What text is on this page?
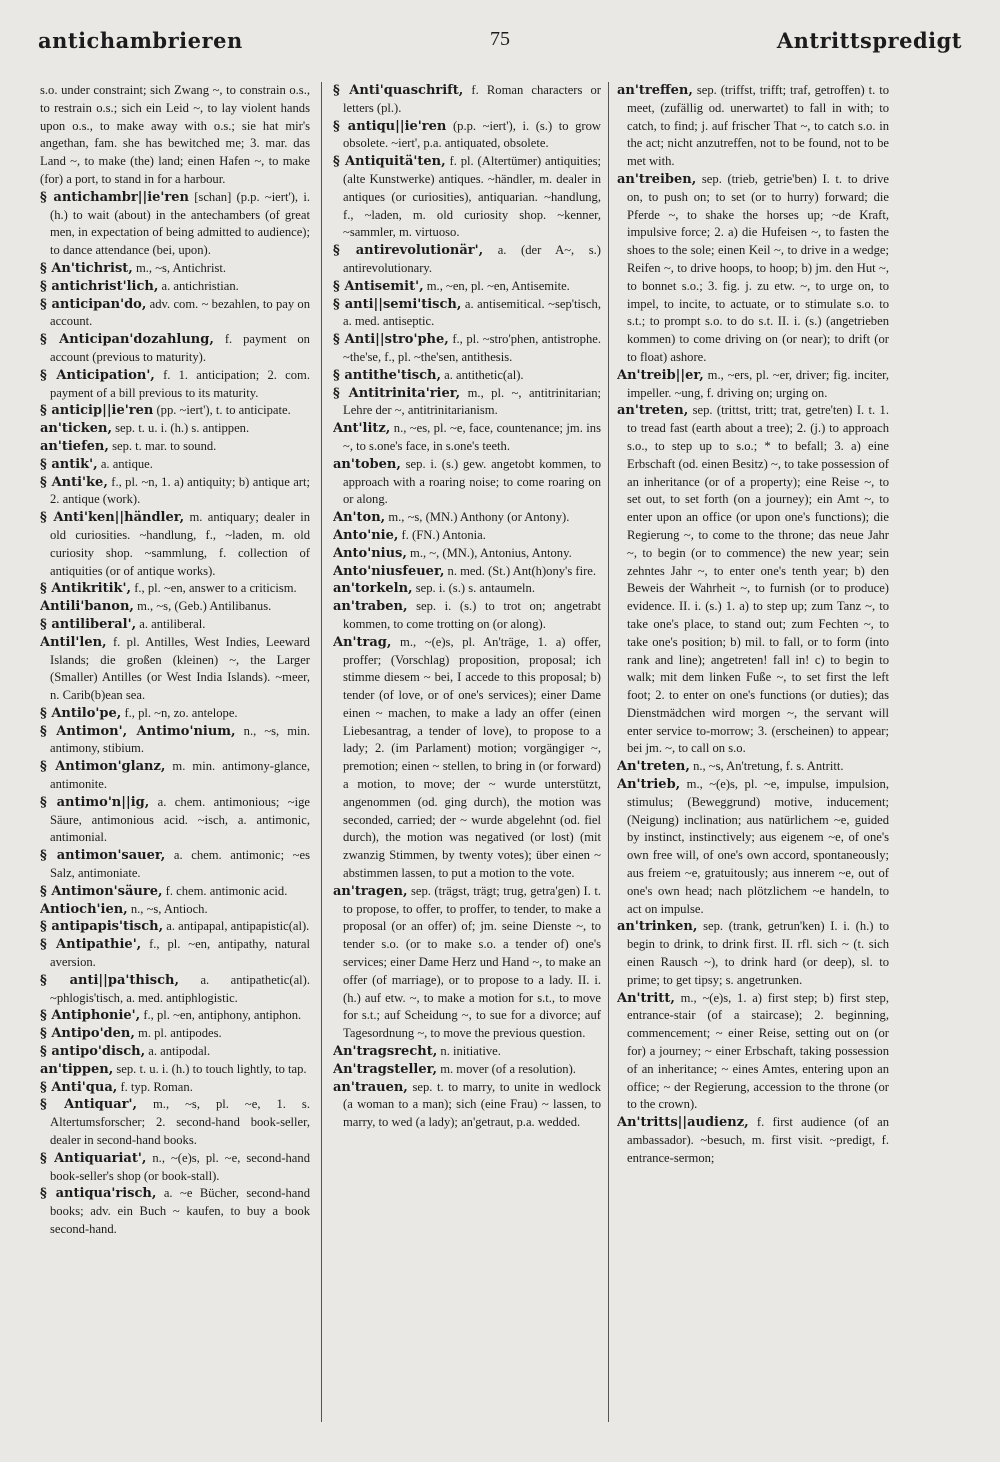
antichambrieren	75	Antrittspredigt

s.o. under constraint; sich Zwang ~, to constrain o.s., to restrain o.s.; sich ein Leid ~, to lay violent hands upon o.s., to make away with o.s.; sie hat mir's angethan, fam. she has bewitched me; 3. mar. das Land ~, to make (the) land; einen Hafen ~, to make (for) a port, to stand in for a harbour.

§ antichambr||ie'ren [schan] (p.p. ~iert'), i. (h.) to wait (about) in the antechambers (of great men, in expectation of being admitted to audience); to dance attendance (bei, upon).

§ An'tichrist, m., ~s, Antichrist.

§ antichrist'lich, a. antichristian.

§ anticipan'do, adv. com. ~ bezahlen, to pay on account.

§ Anticipan'dozahlung, f. payment on account (previous to maturity).

§ Anticipation', f. 1. anticipation; 2. com. payment of a bill previous to its maturity.

§ anticip||ie'ren (pp. ~iert'), t. to anticipate.

an'ticken, sep. t. u. i. (h.) s. antippen.

an'tiefen, sep. t. mar. to sound.

§ antik', a. antique.

§ Anti'ke, f., pl. ~n, 1. a) antiquity; b) antique art; 2. antique (work).

§ Anti'ken||händler, m. antiquary; dealer in old curiosities. ~handlung, f., ~laden, m. old curiosity shop. ~sammlung, f. collection of antiquities (or of antique works).

§ Antikritik', f., pl. ~en, answer to a criticism.

Antili'banon, m., ~s, (Geb.) Antilibanus.

§ antiliberal', a. antiliberal.

Antil'len, f. pl. Antilles, West Indies, Leeward Islands; die großen (kleinen) ~, the Larger (Smaller) Antilles (or West India Islands). ~meer, n. Carib(b)ean sea.

§ Antilo'pe, f., pl. ~n, zo. antelope.

§ Antimon', Antimo'nium, n., ~s, min. antimony, stibium.

§ Antimon'glanz, m. min. antimony-glance, antimonite.

§ antimo'n||ig, a. chem. antimonious; ~ige Säure, antimonious acid. ~isch, a. antimonic, antimonial.

§ antimon'sauer, a. chem. antimonic; ~es Salz, antimoniate.

§ Antimon'säure, f. chem. antimonic acid.

Antioch'ien, n., ~s, Antioch.

§ antipapis'tisch, a. antipapal, antipapistic(al).

§ Antipathie', f., pl. ~en, antipathy, natural aversion.

§ anti||pa'thisch, a. antipathetic(al). ~phlogis'tisch, a. med. antiphlogistic.

§ Antiphonie', f., pl. ~en, antiphony, antiphon.

§ Antipo'den, m. pl. antipodes.

§ antipo'disch, a. antipodal.

an'tippen, sep. t. u. i. (h.) to touch lightly, to tap.

§ Anti'qua, f. typ. Roman.

§ Antiquar', m., ~s, pl. ~e, 1. s. Altertumsforscher; 2. second-hand book-seller, dealer in second-hand books.

§ Antiquariat', n., ~(e)s, pl. ~e, second-hand book-seller's shop (or book-stall).

§ antiqua'risch, a. ~e Bücher, second-hand books; adv. ein Buch ~ kaufen, to buy a book second-hand.

§ Anti'quaschrift, f. Roman characters or letters (pl.).

§ antiqu||ie'ren (p.p. ~iert'), i. (s.) to grow obsolete. ~iert', p.a. antiquated, obsolete.

§ Antiquitä'ten, f. pl. (Altertümer) antiquities; (alte Kunstwerke) antiques. ~händler, m. dealer in antiques (or curiosities), antiquarian. ~handlung, f., ~laden, m. old curiosity shop. ~kenner, ~sammler, m. virtuoso.

§ antirevolutionär', a. (der A~, s.) antirevolutionary.

§ Antisemit', m., ~en, pl. ~en, Antisemite.

§ anti||semi'tisch, a. antisemitical. ~sep'tisch, a. med. antiseptic.

§ Anti||stro'phe, f., pl. ~stro'phen, antistrophe. ~the'se, f., pl. ~the'sen, antithesis.

§ antithe'tisch, a. antithetic(al).

§ Antitrinita'rier, m., pl. ~, antitrinitarian; Lehre der ~, antitrinitarianism.

Ant'litz, n., ~es, pl. ~e, face, countenance; jm. ins ~, to s.one's face, in s.one's teeth.

an'toben, sep. i. (s.) gew. angetobt kommen, to approach with a roaring noise; to come roaring on or along.

An'ton, m., ~s, (MN.) Anthony (or Antony).

Anto'nie, f. (FN.) Antonia.

Anto'nius, m., ~, (MN.), Antonius, Antony.

Anto'niusfeuer, n. med. (St.) Ant(h)ony's fire.

an'torkeln, sep. i. (s.) s. antaumeln.

an'traben, sep. i. (s.) to trot on; angetrabt kommen, to come trotting on (or along).

An'trag, m., ~(e)s, pl. An'träge, 1. a) offer, proffer; (Vorschlag) proposition, proposal; ich stimme diesem ~ bei, I accede to this proposal; b) tender (of love, or of one's services); einer Dame einen ~ machen, to make a lady an offer (einen Liebesantrag, a tender of love), to propose to a lady; 2. (im Parlament) motion; vorgängiger ~, premotion; einen ~ stellen, to bring in (or forward) a motion, to move; der ~ wurde unterstützt, angenommen (od. ging durch), the motion was seconded, carried; der ~ wurde abgelehnt (od. fiel durch), the motion was negatived (or lost) (mit zwanzig Stimmen, by twenty votes); über einen ~ abstimmen lassen, to put a motion to the vote.

an'tragen, sep. (trägst, trägt; trug, getra'gen) I. t. to propose, to offer, to proffer, to tender, to make a proposal (or an offer) of; jm. seine Dienste ~, to tender s.o. (or to make s.o. a tender of) one's services; einer Dame Herz und Hand ~, to make an offer (of marriage), or to propose to a lady. II. i. (h.) auf etw. ~, to make a motion for s.t., to move for s.t.; auf Scheidung ~, to sue for a divorce; auf Tagesordnung ~, to move the previous question.

An'tragsrecht, n. initiative.

An'tragsteller, m. mover (of a resolution).

an'trauen, sep. t. to marry, to unite in wedlock (a woman to a man); sich (eine Frau) ~ lassen, to marry, to wed (a lady); an'getraut, p.a. wedded.

an'treffen, sep. (triffst, trifft; traf, getroffen) t. to meet, (zufällig od. unerwartet) to fall in with; to catch, to find; j. auf frischer That ~, to catch s.o. in the act; nicht anzutreffen, not to be found, not to be met with.

an'treiben, sep. (trieb, getrie'ben) I. t. to drive on, to push on; to set (or to hurry) forward; die Pferde ~, to shake the horses up; ~de Kraft, impulsive force; 2. a) die Hufeisen ~, to fasten the shoes to the sole; einen Keil ~, to drive in a wedge; Reifen ~, to drive hoops, to hoop; b) jm. den Hut ~, to bonnet s.o.; 3. fig. j. zu etw. ~, to urge on, to impel, to incite, to actuate, or to stimulate s.o. to s.t.; to prompt s.o. to do s.t. II. i. (s.) (angetrieben kommen) to come driving on (or near); to drift (or to float) ashore.

An'treib||er, m., ~ers, pl. ~er, driver; fig. inciter, impeller. ~ung, f. driving on; urging on.

an'treten, sep. (trittst, tritt; trat, getre'ten) I. t. 1. to tread fast (earth about a tree); 2. (j.) to approach s.o., to step up to s.o.; * to befall; 3. a) eine Erbschaft (od. einen Besitz) ~, to take possession of an inheritance (or of a property); eine Reise ~, to set out, to set forth (on a journey); ein Amt ~, to enter upon an office (or upon one's functions); die Regierung ~, to come to the throne; das neue Jahr ~, to begin (or to commence) the new year; sein zehntes Jahr ~, to enter one's tenth year; b) den Beweis der Wahrheit ~, to furnish (or to produce) evidence. II. i. (s.) 1. a) to step up; zum Tanz ~, to take one's place, to stand out; zum Fechten ~, to take one's position; b) mil. to fall, or to form (into rank and line); angetreten! fall in! c) to begin to walk; mit dem linken Fuße ~, to set first the left foot; 2. to enter on one's functions (or duties); das Dienstmädchen wird morgen ~, the servant will enter service to-morrow; 3. (erscheinen) to appear; bei jm. ~, to call on s.o.

An'treten, n., ~s, An'tretung, f. s. Antritt.

An'trieb, m., ~(e)s, pl. ~e, impulse, impulsion, stimulus; (Beweggrund) motive, inducement; (Neigung) inclination; aus natürlichem ~e, guided by instinct, instinctively; aus eigenem ~e, of one's own free will, of one's own accord, spontaneously; aus freiem ~e, gratuitously; aus innerem ~e, out of one's own head; nach plötzlichem ~e handeln, to act on impulse.

an'trinken, sep. (trank, getrun'ken) I. i. (h.) to begin to drink, to drink first. II. rfl. sich ~ (t. sich einen Rausch ~), to drink hard (or deep), sl. to prime; to get tipsy; s. angetrunken.

An'tritt, m., ~(e)s, 1. a) first step; b) first step, entrance-stair (of a staircase); 2. beginning, commencement; ~ einer Reise, setting out on (or for) a journey; ~ einer Erbschaft, taking possession of an inheritance; ~ eines Amtes, entering upon an office; ~ der Regierung, accession to the throne (or to the crown).

An'tritts||audienz, f. first audience (of an ambassador). ~besuch, m. first visit. ~predigt, f. entrance-sermon;
